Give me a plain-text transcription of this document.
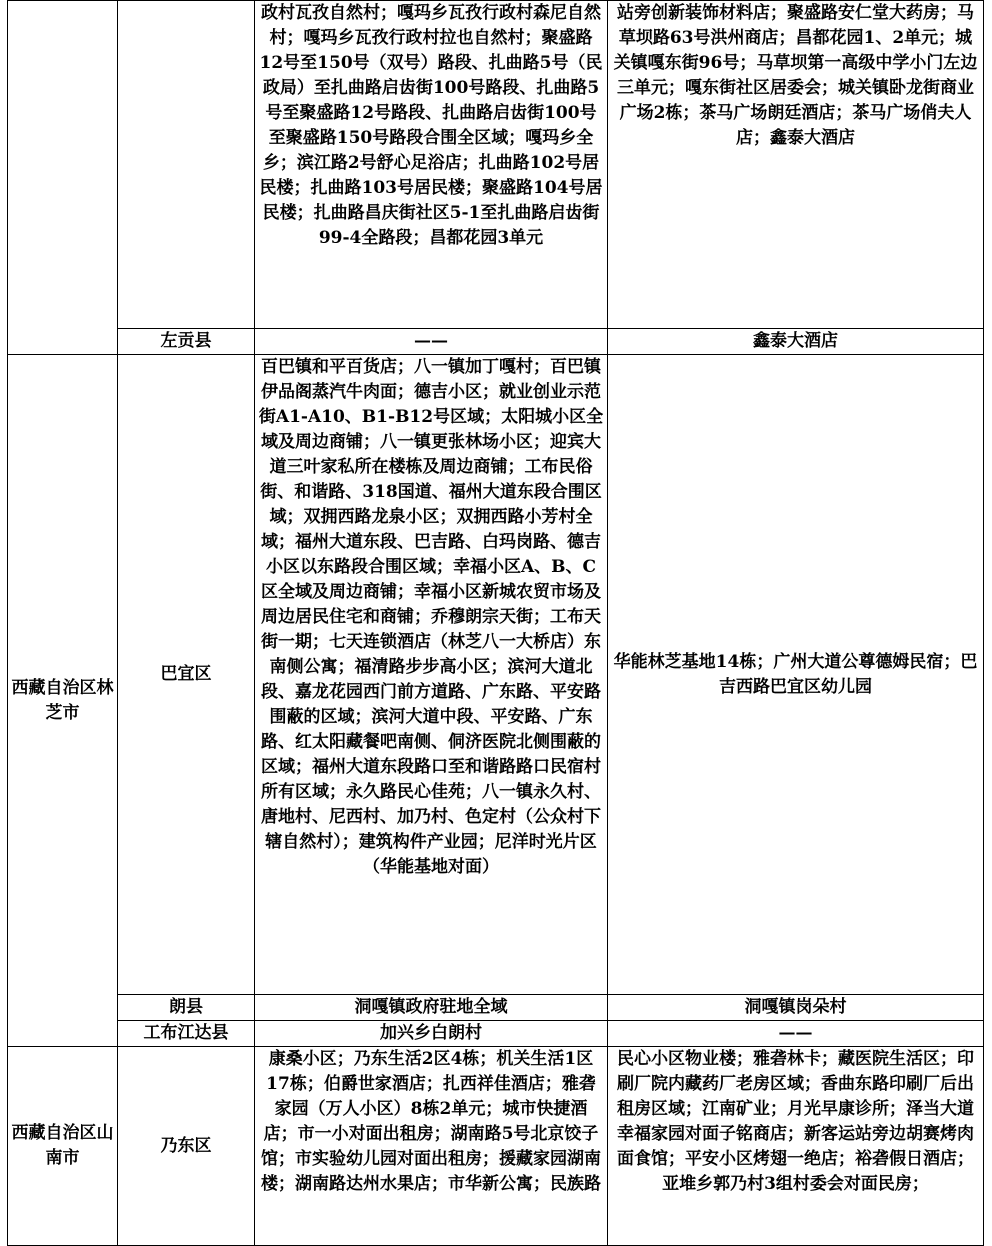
		政村瓦孜自然村；嘎玛乡瓦孜行政村森尼自然村；嘎玛乡瓦孜行政村拉也自然村；聚盛路12号至150号（双号）路段、扎曲路5号（民政局）至扎曲路启齿街100号路段、扎曲路5号至聚盛路12号路段、扎曲路启齿街100号至聚盛路150号路段合围全区域；嘎玛乡全乡；滨江路2号舒心足浴店；扎曲路102号居民楼；扎曲路103号居民楼；聚盛路104号居民楼；扎曲路昌庆街社区5-1至扎曲路启齿街99-4全路段；昌都花园3单元	站旁创新装饰材料店；聚盛路安仁堂大药房；马草坝路63号洪州商店；昌都花园1、2单元；城关镇嘎东街96号；马草坝第一高级中学小门左边三单元；嘎东街社区居委会；城关镇卧龙街商业广场2栋；茶马广场朗廷酒店；茶马广场俏夫人店；鑫泰大酒店
	左贡县	——	鑫泰大酒店
西藏自治区林芝市	巴宜区	百巴镇和平百货店；八一镇加丁嘎村；百巴镇伊品阁蒸汽牛肉面；德吉小区；就业创业示范街A1-A10、B1-B12号区域；太阳城小区全域及周边商铺；八一镇更张林场小区；迎宾大道三叶家私所在楼栋及周边商铺；工布民俗街、和谐路、318国道、福州大道东段合围区域；双拥西路龙泉小区；双拥西路小芳村全域；福州大道东段、巴吉路、白玛岗路、德吉小区以东路段合围区域；幸福小区A、B、C区全域及周边商铺；幸福小区新城农贸市场及周边居民住宅和商铺；乔穆朗宗天街；工布天街一期；七天连锁酒店（林芝八一大桥店）东南侧公寓；福清路步步高小区；滨河大道北段、嘉龙花园西门前方道路、广东路、平安路围蔽的区域；滨河大道中段、平安路、广东路、红太阳藏餐吧南侧、侗济医院北侧围蔽的区域；福州大道东段路口至和谐路路口民宿村所有区域；永久路民心佳苑；八一镇永久村、唐地村、尼西村、加乃村、色定村（公众村下辖自然村）；建筑构件产业园；尼洋时光片区（华能基地对面）	华能林芝基地14栋；广州大道公尊德姆民宿；巴吉西路巴宜区幼儿园
	朗县	洞嘎镇政府驻地全域	洞嘎镇岗朵村
	工布江达县	加兴乡白朗村	——
西藏自治区山南市	乃东区	康桑小区；乃东生活2区4栋；机关生活1区17栋；伯爵世家酒店；扎西祥佳酒店；雅砻家园（万人小区）8栋2单元；城市快捷酒店；市一小对面出租房；湖南路5号北京饺子馆；市实验幼儿园对面出租房；援藏家园湖南楼；湖南路达州水果店；市华新公寓；民族路	民心小区物业楼；雅砻林卡；藏医院生活区；印刷厂院内藏药厂老房区域；香曲东路印刷厂后出租房区域；江南矿业；月光早康诊所；泽当大道幸福家园对面子铭商店；新客运站旁边胡赛烤肉面食馆；平安小区烤翅一绝店；裕砻假日酒店；亚堆乡郭乃村3组村委会对面民房；
